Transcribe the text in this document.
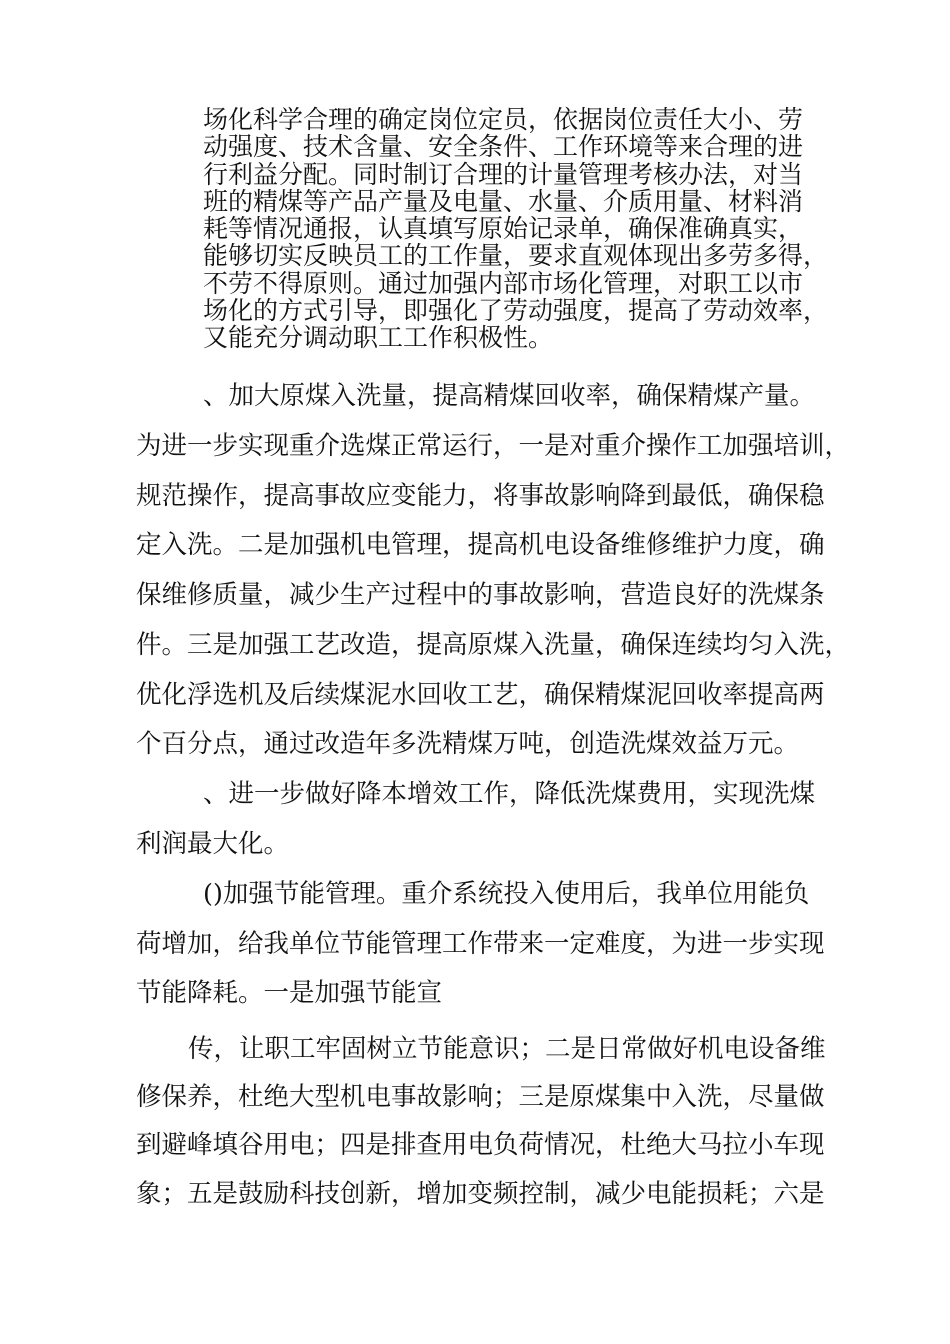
场化科学合理的确定岗位定员，依据岗位责任大小、劳

动强度、技术含量、安全条件、工作环境等来合理的进

行利益分配。同时制订合理的计量管理考核办法，对当

班的精煤等产品产量及电量、水量、介质用量、材料消

耗等情况通报，认真填写原始记录单，确保准确真实，

能够切实反映员工的工作量，要求直观体现出多劳多得，

不劳不得原则。通过加强内部市场化管理，对职工以市

场化的方式引导，即强化了劳动强度，提高了劳动效率，

又能充分调动职工工作积极性。

、加大原煤入洗量，提高精煤回收率，确保精煤产量。

为进一步实现重介选煤正常运行，一是对重介操作工加强培训，

规范操作，提高事故应变能力，将事故影响降到最低，确保稳

定入洗。二是加强机电管理，提高机电设备维修维护力度，确

保维修质量，减少生产过程中的事故影响，营造良好的洗煤条

件。三是加强工艺改造，提高原煤入洗量，确保连续均匀入洗，

优化浮选机及后续煤泥水回收工艺，确保精煤泥回收率提高两

个百分点，通过改造年多洗精煤万吨，创造洗煤效益万元。

、进一步做好降本增效工作，降低洗煤费用，实现洗煤

利润最大化。

()加强节能管理。重介系统投入使用后，我单位用能负

荷增加，给我单位节能管理工作带来一定难度，为进一步实现

节能降耗。一是加强节能宣

传，让职工牢固树立节能意识；二是日常做好机电设备维

修保养，杜绝大型机电事故影响；三是原煤集中入洗，尽量做

到避峰填谷用电；四是排查用电负荷情况，杜绝大马拉小车现

象；五是鼓励科技创新，增加变频控制，减少电能损耗；六是
